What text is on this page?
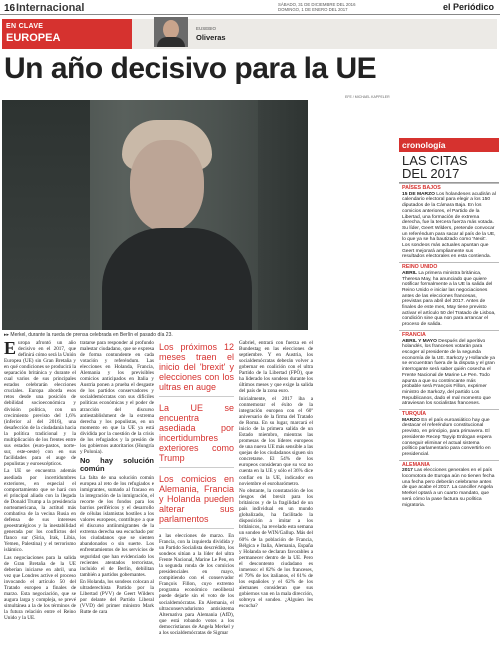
16 Internacional	SÁBADO, 31 DE DICIEMBRE DEL 2016
DOMINGO, 1 DE ENERO DEL 2017	el Periódico
EN CLAVE
EUROPEA
EUSEBIO
Oliveras
Un año decisivo para la UE
EFE / MICHAEL KAPPELER
▸▸ Merkel, durante la rueda de prensa celebrada en Berlín el pasado día 23.

Europa afrontó un año decisivo en el 2017, que definirá cómo será la Unión Europea (UE) sin Gran Bretaña y en qué condiciones se producirá la separación británica y durante el cual varios de sus principales estados celebrarán elecciones cruciales. Europa aborda esos retos desde una posición de debilidad socioeconómica y división política, con un crecimiento previsto del 1,6% (inferior al del 2016), una desafección de la ciudadanía hacia la política tradicional y la multiplicación de los frentes entre sus estados (euro-pastos, norte-sur, este-oeste) con en sus facilidades para el auge de populistas y euroescépticos.

La UE se encuentra además asediada por incertidumbres exteriores, en especial el comportamiento que se hará con el principal aliado con la llegada de Donald Trump a la presidencia norteamericana, la actitud más combativa de la vecina Rusia en defensa de sus intereses geoestratégicos y la inestabilidad generada por los conflictos del flanco sur (Siria, Irak, Libia, Yemen, Palestina) y el terrorismo islámico.

Las negociaciones para la salida de Gran Bretaña de la UE deberían iniciarse en abril, una vez que Londres active el proceso invocando el artículo 50 del Tratado europeo a finales de marzo. Esta negociación, que se augura larga y compleja, se prevé simultánea a la de los términos de la futura relación entre el Reino Unido y la UE.

tratarse para responder al profundo malestar ciudadano, que se expresa de forma contundente en cada votación y referéndum. Las elecciones en Holanda, Francia, Alemania y los previsibles comicios anticipados en Italia y Austria ponen a prueba el desgaste de los partidos conservadores y socialdemócratas con sus difíciles políticas económicas y el poder de atracción del discurso antiestablishment de la extrema derecha y los populistas, en un momento en que la UE ya está dividida por la cuestión de la crisis de los refugiados y la presión de los gobiernos autoritarios (Hungría y Polonia).

No hay solución común

La falta de una solución común europea al reto de los refugiados e inmigrantes, sumado al fracaso en la integración de la inmigración, el recorte de los fondos para los barrios periféricos y el desarrollo de células islamistas hostiles a los valores europeos, contribuye a que el discurso antiinmigrantes de la extrema derecha sea escuchado por los ciudadanos que se sienten abandonados o sin suerte. Los enfrentamientos de los servicios de seguridad que han evidenciado los recientes atentados terroristas, incluido el de Berlín, debilitan también a partidos gobernantes.

En Holanda, los sondeos colocan al ultraderechista Partido por la Libertad (PVV) de Geert Wilders por delante del Partido Liberal (VVD) del primer ministro Mark Rutte de cara

Los próximos 12 meses traen el inicio del 'brexit' y elecciones con los ultras en auge
La UE se encuentra asediada por incertidumbres exteriores como Trump
Los comicios en Alemania, Francia y Holanda pueden alterar sus parlamentos

a las elecciones de marzo. En Francia, con la izquierda dividida y un Partido Socialista descrédito, los sondeos sitúan a la líder del ultra Frente Nacional, Marine Le Pen, en la segunda ronda de los comicios presidenciales en mayo, compitiendo con el conservador François Fillon, cuyo extremo programa económico neoliberal puede dejarle sin el voto de los socialdemócratas. En Alemania, el ultraconservadurismo antisistema Alternativa para Alemania (AfD), que está robando votos a los democristianos de Angela Merkel y a los socialdemócratas de Sigmar

Gabriel, entrará con fuerza en el Bundestag en las elecciones de septiembre. Y en Austria, los socialdemócratas deberán volver a gobernar en coalición con el ultra Partido de la Libertad (FPÖ), que ha liderado los sondeos durante los últimos meses y que exige la salida del país de la zona euro.

Inicialmente, el 2017 iba a conmemorar el éxito de la integración europea con el 60º aniversario de la firma del Tratado de Roma. En su lugar, marcará el inicio de la primera salida de un Estado miembro, mientras las promesas de los líderes europeos de una nueva UE más sensible a las quejas de los ciudadanos siguen sin concretarse. El 54% de los europeos consideran que su voz no cuenta en la UE y sólo el 36% dice confiar en la UE, indicador en noviembre el eurobarómetro.

No obstante, la constatación de los riesgos del brexit para los británicos y de la fragilidad de un país individual en un mundo globalizado, ha facilitado la disposición a imitar a los británicos, ha revelado esta semana un sondeo de WIN/Gallup. Más del 60% de la población de Francia, Bélgica e Italia, Alemania, España y Holanda se declaran favorables a permanecer dentro de la UE. Pero el descontento ciudadano es inmenso: el 82% de los franceses, el 79% de los italianos, el 61% de los españoles y el 62% de los alemanes consideran que sus gobiernos van en la mala dirección, sobreya el sondeo. ¿Alguien les escucha?

cronología
LAS CITAS DEL 2017
PAÍSES BAJOS
15 DE MARZO Los holandeses acudirán al calendario electoral para elegir a los 150 diputados de la Cámara Baja. En los comicios anteriores, el Partido de la Libertad, una formación de extrema derecha, fue la tercera fuerza más votada. Su líder, Geert Wilders, pretende convocar un referéndum para sacar al país de la UE, lo que ya se ha bautizado como 'Nexit'. Los sondeos más actuales apuntan que Geert mejorará ampliamente sus resultados electorales en esta contienda.
REINO UNIDO
ABRIL La primera ministra británica, Theresa May, ha anunciado que quiere notificar formalmente a la UE la salida del Reino Unido e iniciar las negociaciones antes de las elecciones francesas, previstas para abril del 2017. Antes de finales de este mes, May tiene previsto activar el artículo 50 del Tratado de Lisboa, condición sine qua non para arrancar el proceso de salida.
FRANCIA
ABRIL Y MAYO Después del aperitivo holandés, los franceses votarán para escoger al presidente de la segunda economía de la UE. Sarkozy y Hollande ya se encuentran fuera de la disputa y el gran interrogante será saber quién cosecha el Frente Nacional de Marine Le Pen. Todo apunta a que su contrincante más probable será François Fillon, exprimer ministro de Sarkozy, del partido Los Republicanos, dado el mal momento que atraviesan los socialistas franceses.
TURQUÍA
MARZO En el país euroasiático hay que destacar el referéndum constitucional previsto, en principio, para primavera. El presidente Recep Tayyip Erdogan espera conseguir eliminar el actual sistema político parlamentario para convertirlo en presidencial.
ALEMANIA
2017 Las elecciones generales en el país locomotora de Europa aún no tienen fecha una fecha pero deberán celebrarse antes de que acabe el 2017. La canciller Angela Merkel optará a un cuarto mandato, que será cómo la pase factura su política migratoria.
